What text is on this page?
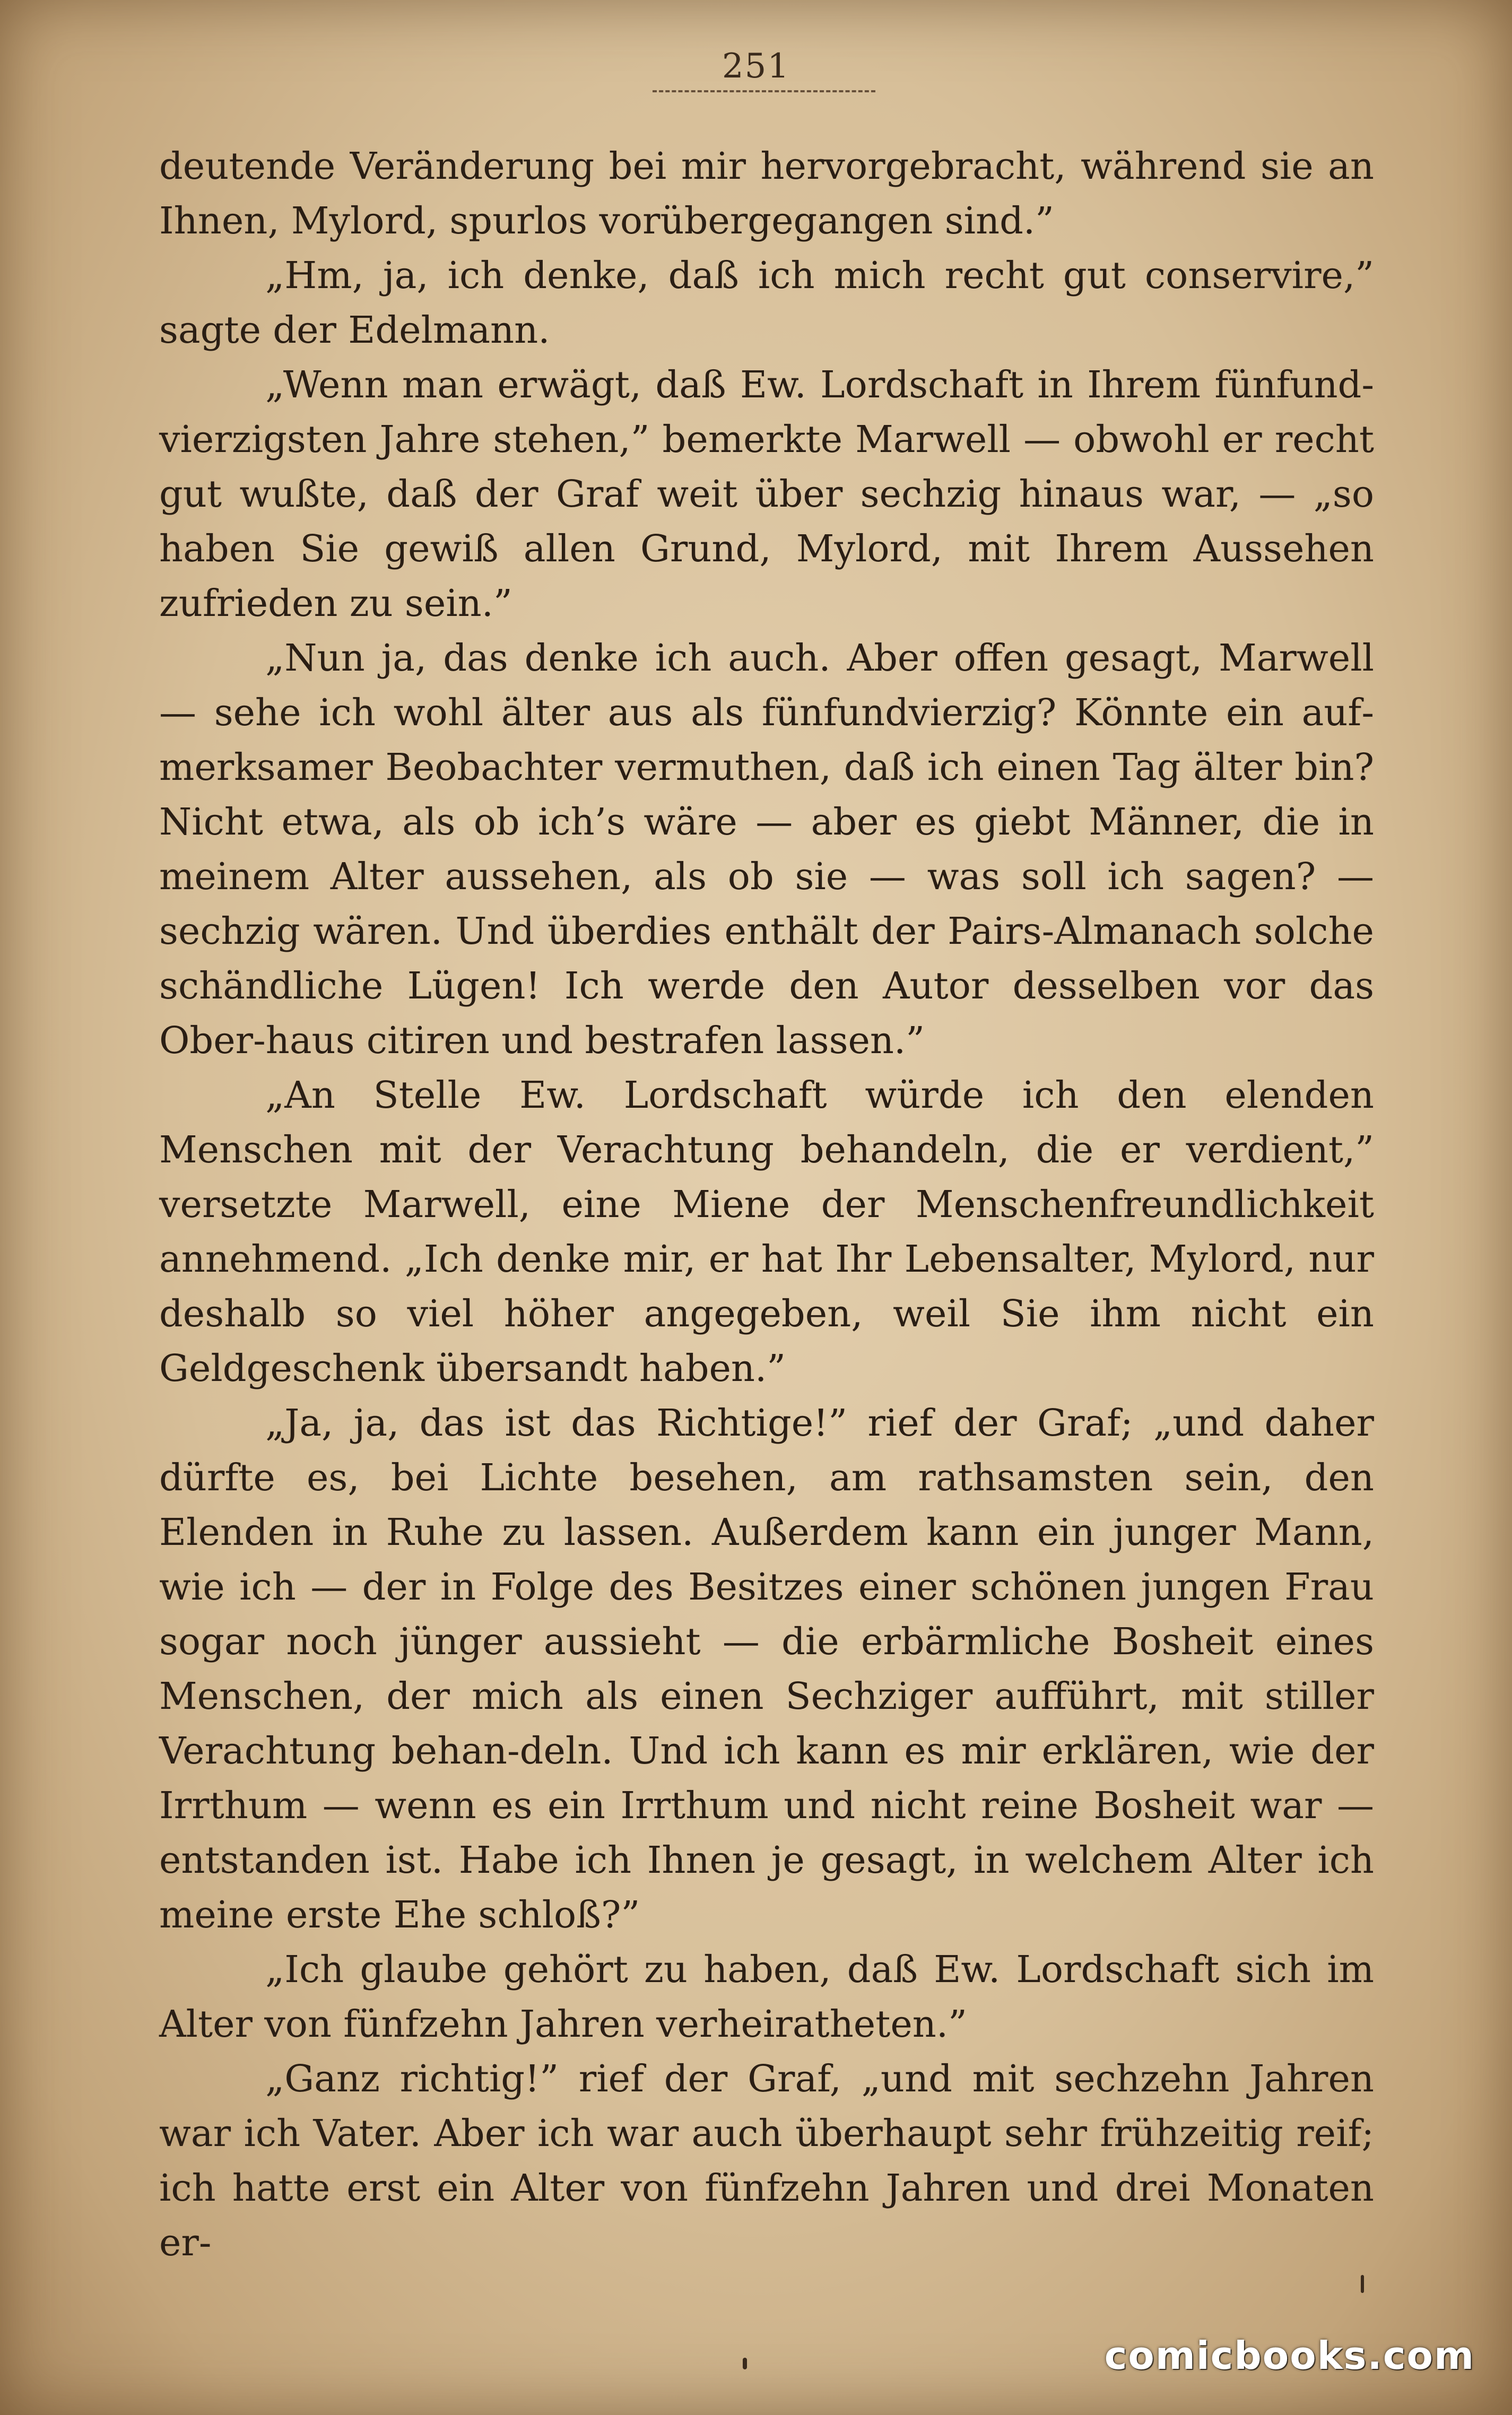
251

deutende Veränderung bei mir hervorgebracht, während sie an Ihnen, Mylord, spurlos vorübergegangen sind.”

„Hm, ja, ich denke, daß ich mich recht gut conservire,” sagte der Edelmann.

„Wenn man erwägt, daß Ew. Lordschaft in Ihrem fünfund‐vierzigsten Jahre stehen,” bemerkte Marwell — obwohl er recht gut wußte, daß der Graf weit über sechzig hinaus war, — „so haben Sie gewiß allen Grund, Mylord, mit Ihrem Aussehen zufrieden zu sein.”

„Nun ja, das denke ich auch. Aber offen gesagt, Marwell — sehe ich wohl älter aus als fünfundvierzig? Könnte ein auf‐merksamer Beobachter vermuthen, daß ich einen Tag älter bin? Nicht etwa, als ob ich’s wäre — aber es giebt Männer, die in meinem Alter aussehen, als ob sie — was soll ich sagen? — sechzig wären. Und überdies enthält der Pairs‐Almanach solche schändliche Lügen! Ich werde den Autor desselben vor das Ober‐haus citiren und bestrafen lassen.”

„An Stelle Ew. Lordschaft würde ich den elenden Menschen mit der Verachtung behandeln, die er verdient,” versetzte Marwell, eine Miene der Menschenfreundlichkeit annehmend. „Ich denke mir, er hat Ihr Lebensalter, Mylord, nur deshalb so viel höher angegeben, weil Sie ihm nicht ein Geldgeschenk übersandt haben.”

„Ja, ja, das ist das Richtige!” rief der Graf; „und daher dürfte es, bei Lichte besehen, am rathsamsten sein, den Elenden in Ruhe zu lassen. Außerdem kann ein junger Mann, wie ich — der in Folge des Besitzes einer schönen jungen Frau sogar noch jünger aussieht — die erbärmliche Bosheit eines Menschen, der mich als einen Sechziger aufführt, mit stiller Verachtung behan‐deln. Und ich kann es mir erklären, wie der Irrthum — wenn es ein Irrthum und nicht reine Bosheit war — entstanden ist. Habe ich Ihnen je gesagt, in welchem Alter ich meine erste Ehe schloß?”

„Ich glaube gehört zu haben, daß Ew. Lordschaft sich im Alter von fünfzehn Jahren verheiratheten.”

„Ganz richtig!” rief der Graf, „und mit sechzehn Jahren war ich Vater. Aber ich war auch überhaupt sehr frühzeitig reif; ich hatte erst ein Alter von fünfzehn Jahren und drei Monaten er‐

comicbooks.com
